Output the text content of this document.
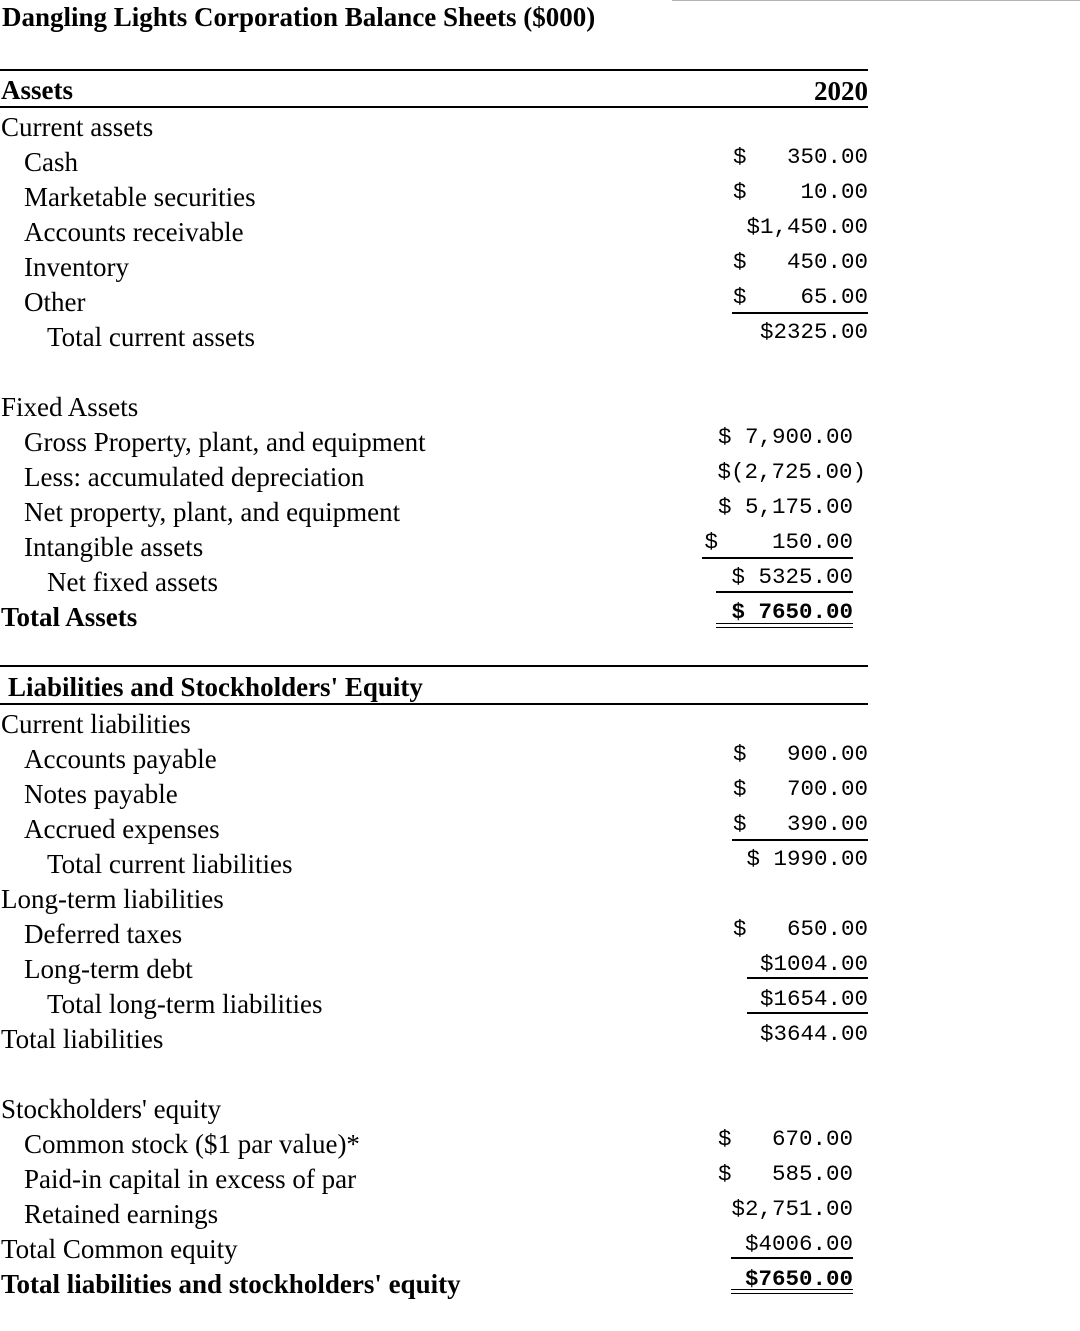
Dangling Lights Corporation Balance Sheets ($000)
Assets	2020
Current assets
Cash	$   350.00
Marketable securities	$    10.00
Accounts receivable	$1,450.00
Inventory	$   450.00
Other	$    65.00
Total current assets	$2325.00
Fixed Assets
Gross Property, plant, and equipment	$ 7,900.00
Less: accumulated depreciation	$(2,725.00)
Net property, plant, and equipment	$ 5,175.00
Intangible assets	$    150.00
Net fixed assets	$ 5325.00
Total Assets	$ 7650.00
Liabilities and Stockholders' Equity
Current liabilities
Accounts payable	$   900.00
Notes payable	$   700.00
Accrued expenses	$   390.00
Total current liabilities	$ 1990.00
Long-term liabilities
Deferred taxes	$   650.00
Long-term debt	$1004.00
Total long-term liabilities	$1654.00
Total liabilities	$3644.00
Stockholders' equity
Common stock ($1 par value)*	$   670.00
Paid-in capital in excess of par	$   585.00
Retained earnings	$2,751.00
Total Common equity	$4006.00
Total liabilities and stockholders' equity	$7650.00
